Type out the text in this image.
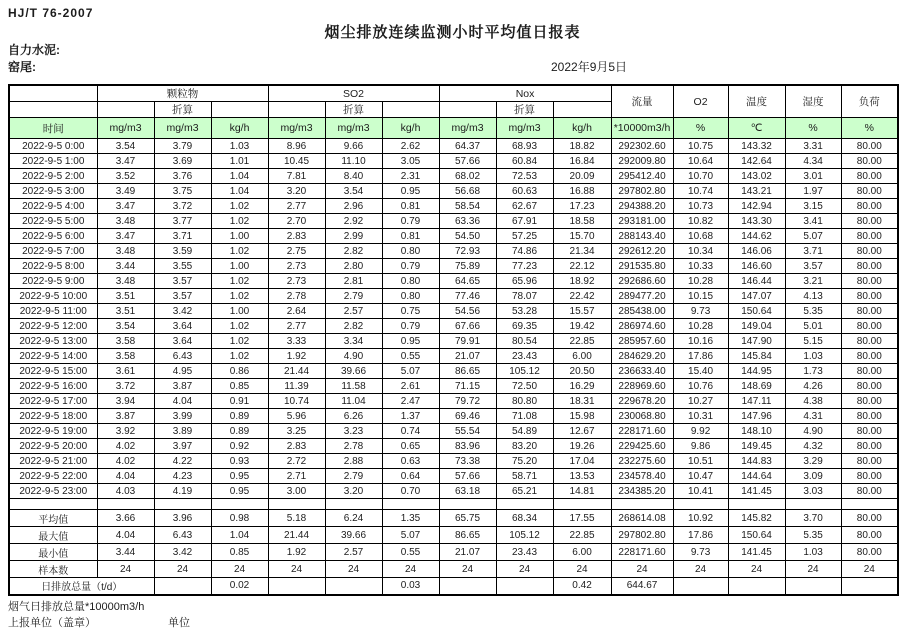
HJ/T 76-2007
烟尘排放连续监测小时平均值日报表
自力水泥:
窑尾:	2022年9月5日
	颗粒物			SO2			Nox			流量	O2	温度	湿度	负荷
		折算			折算			折算						
时间	mg/m3	mg/m3	kg/h	mg/m3	mg/m3	kg/h	mg/m3	mg/m3	kg/h	*10000m3/h	%	℃	%	%
2022-9-5 0:00	3.54	3.79	1.03	8.96	9.66	2.62	64.37	68.93	18.82	292302.60	10.75	143.32	3.31	80.00
2022-9-5 1:00	3.47	3.69	1.01	10.45	11.10	3.05	57.66	60.84	16.84	292009.80	10.64	142.64	4.34	80.00
2022-9-5 2:00	3.52	3.76	1.04	7.81	8.40	2.31	68.02	72.53	20.09	295412.40	10.70	143.02	3.01	80.00
2022-9-5 3:00	3.49	3.75	1.04	3.20	3.54	0.95	56.68	60.63	16.88	297802.80	10.74	143.21	1.97	80.00
2022-9-5 4:00	3.47	3.72	1.02	2.77	2.96	0.81	58.54	62.67	17.23	294388.20	10.73	142.94	3.15	80.00
2022-9-5 5:00	3.48	3.77	1.02	2.70	2.92	0.79	63.36	67.91	18.58	293181.00	10.82	143.30	3.41	80.00
2022-9-5 6:00	3.47	3.71	1.00	2.83	2.99	0.81	54.50	57.25	15.70	288143.40	10.68	144.62	5.07	80.00
2022-9-5 7:00	3.48	3.59	1.02	2.75	2.82	0.80	72.93	74.86	21.34	292612.20	10.34	146.06	3.71	80.00
2022-9-5 8:00	3.44	3.55	1.00	2.73	2.80	0.79	75.89	77.23	22.12	291535.80	10.33	146.60	3.57	80.00
2022-9-5 9:00	3.48	3.57	1.02	2.73	2.81	0.80	64.65	65.96	18.92	292686.60	10.28	146.44	3.21	80.00
2022-9-5 10:00	3.51	3.57	1.02	2.78	2.79	0.80	77.46	78.07	22.42	289477.20	10.15	147.07	4.13	80.00
2022-9-5 11:00	3.51	3.42	1.00	2.64	2.57	0.75	54.56	53.28	15.57	285438.00	9.73	150.64	5.35	80.00
2022-9-5 12:00	3.54	3.64	1.02	2.77	2.82	0.79	67.66	69.35	19.42	286974.60	10.28	149.04	5.01	80.00
2022-9-5 13:00	3.58	3.64	1.02	3.33	3.34	0.95	79.91	80.54	22.85	285957.60	10.16	147.90	5.15	80.00
2022-9-5 14:00	3.58	6.43	1.02	1.92	4.90	0.55	21.07	23.43	6.00	284629.20	17.86	145.84	1.03	80.00
2022-9-5 15:00	3.61	4.95	0.86	21.44	39.66	5.07	86.65	105.12	20.50	236633.40	15.40	144.95	1.73	80.00
2022-9-5 16:00	3.72	3.87	0.85	11.39	11.58	2.61	71.15	72.50	16.29	228969.60	10.76	148.69	4.26	80.00
2022-9-5 17:00	3.94	4.04	0.91	10.74	11.04	2.47	79.72	80.80	18.31	229678.20	10.27	147.11	4.38	80.00
2022-9-5 18:00	3.87	3.99	0.89	5.96	6.26	1.37	69.46	71.08	15.98	230068.80	10.31	147.96	4.31	80.00
2022-9-5 19:00	3.92	3.89	0.89	3.25	3.23	0.74	55.54	54.89	12.67	228171.60	9.92	148.10	4.90	80.00
2022-9-5 20:00	4.02	3.97	0.92	2.83	2.78	0.65	83.96	83.20	19.26	229425.60	9.86	149.45	4.32	80.00
2022-9-5 21:00	4.02	4.22	0.93	2.72	2.88	0.63	73.38	75.20	17.04	232275.60	10.51	144.83	3.29	80.00
2022-9-5 22:00	4.04	4.23	0.95	2.71	2.79	0.64	57.66	58.71	13.53	234578.40	10.47	144.64	3.09	80.00
2022-9-5 23:00	4.03	4.19	0.95	3.00	3.20	0.70	63.18	65.21	14.81	234385.20	10.41	141.45	3.03	80.00

平均值	3.66	3.96	0.98	5.18	6.24	1.35	65.75	68.34	17.55	268614.08	10.92	145.82	3.70	80.00
最大值	4.04	6.43	1.04	21.44	39.66	5.07	86.65	105.12	22.85	297802.80	17.86	150.64	5.35	80.00
最小值	3.44	3.42	0.85	1.92	2.57	0.55	21.07	23.43	6.00	228171.60	9.73	141.45	1.03	80.00
样本数	24	24	24	24	24	24	24	24	24	24	24	24	24	24
日排放总量（t/d）			0.02			0.03			0.42	644.67				
烟气日排放总量*10000m3/h
上报单位（盖章）	单位
